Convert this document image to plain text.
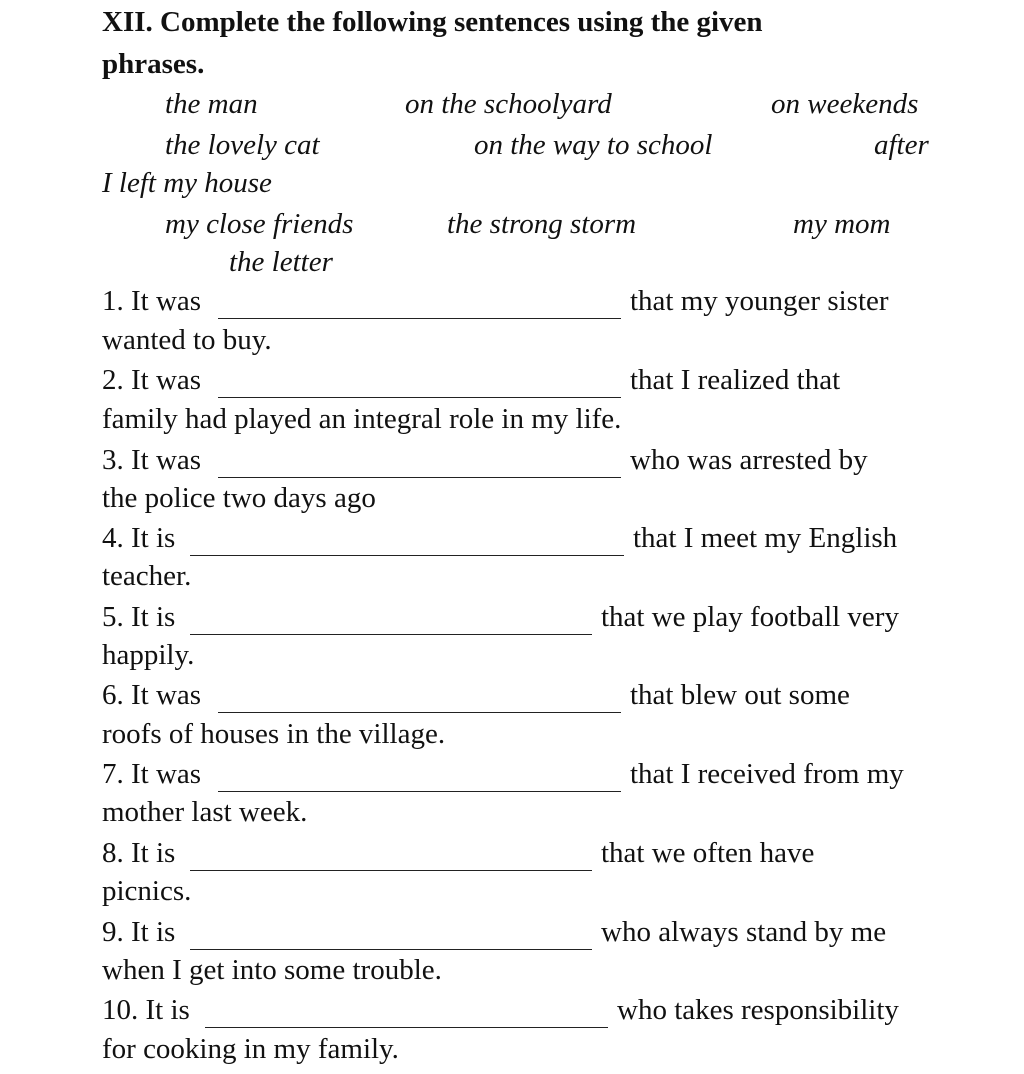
XII. Complete the following sentences using the given
phrases.
the man	on the schoolyard	on weekends
the lovely cat	on the way to school	after
I left my house
my close friends	the strong storm	my mom
the letter
1. It was	that my younger sister
wanted to buy.
2. It was	that I realized that
family had played an integral role in my life.
3. It was	who was arrested by
the police two days ago
4. It is	that I meet my English
teacher.
5. It is	that we play football very
happily.
6. It was	that blew out some
roofs of houses in the village.
7. It was	that I received from my
mother last week.
8. It is	that we often have
picnics.
9. It is	who always stand by me
when I get into some trouble.
10. It is	who takes responsibility
for cooking in my family.
